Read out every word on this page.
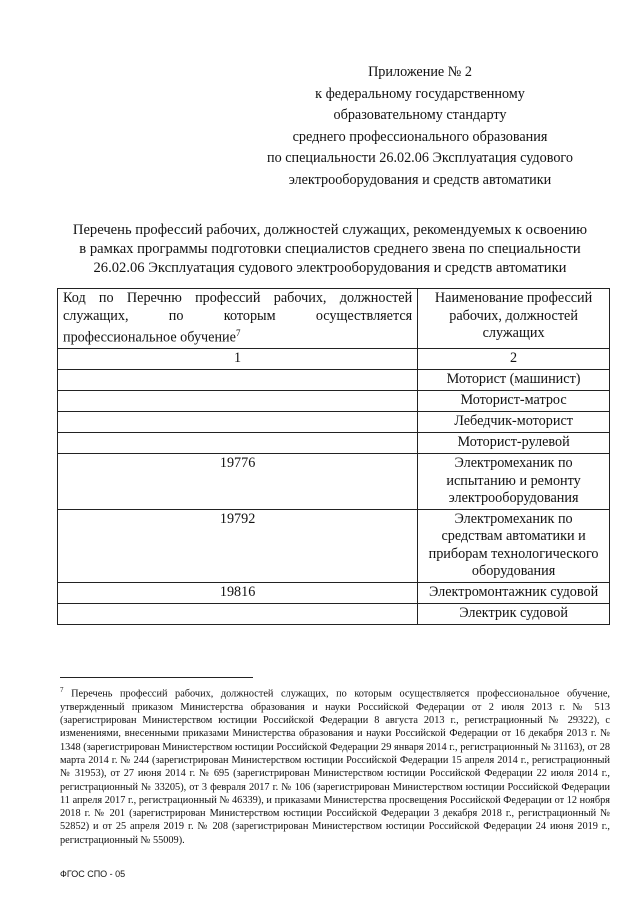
Приложение № 2
к федеральному государственному
образовательному стандарту
среднего профессионального образования
по специальности 26.02.06 Эксплуатация судового
электрооборудования и средств автоматики
Перечень профессий рабочих, должностей служащих, рекомендуемых к освоению
в рамках программы подготовки специалистов среднего звена по специальности
26.02.06 Эксплуатация судового электрооборудования и средств автоматики
Код по Перечню профессий рабочих, должностей служащих, по которым осуществляется профессиональное обучение$^7$	Наименование профессий рабочих, должностей служащих
1	2
	Моторист (машинист)
	Моторист-матрос
	Лебедчик-моторист
	Моторист-рулевой
19776	Электромеханик по испытанию и ремонту электрооборудования
19792	Электромеханик по средствам автоматики и приборам технологического оборудования
19816	Электромонтажник судовой
	Электрик судовой
$^7$ Перечень профессий рабочих, должностей служащих, по которым осуществляется профессиональное обучение, утвержденный приказом Министерства образования и науки Российской Федерации от 2 июля 2013 г. № 513 (зарегистрирован Министерством юстиции Российской Федерации 8 августа 2013 г., регистрационный № 29322), с изменениями, внесенными приказами Министерства образования и науки Российской Федерации от 16 декабря 2013 г. № 1348 (зарегистрирован Министерством юстиции Российской Федерации 29 января 2014 г., регистрационный № 31163), от 28 марта 2014 г. № 244 (зарегистрирован Министерством юстиции Российской Федерации 15 апреля 2014 г., регистрационный № 31953), от 27 июня 2014 г. № 695 (зарегистрирован Министерством юстиции Российской Федерации 22 июля 2014 г., регистрационный № 33205), от 3 февраля 2017 г. № 106 (зарегистрирован Министерством юстиции Российской Федерации 11 апреля 2017 г., регистрационный № 46339), и приказами Министерства просвещения Российской Федерации от 12 ноября 2018 г. № 201 (зарегистрирован Министерством юстиции Российской Федерации 3 декабря 2018 г., регистрационный № 52852) и от 25 апреля 2019 г. № 208 (зарегистрирован Министерством юстиции Российской Федерации 24 июня 2019 г., регистрационный № 55009).
ФГОС СПО - 05
